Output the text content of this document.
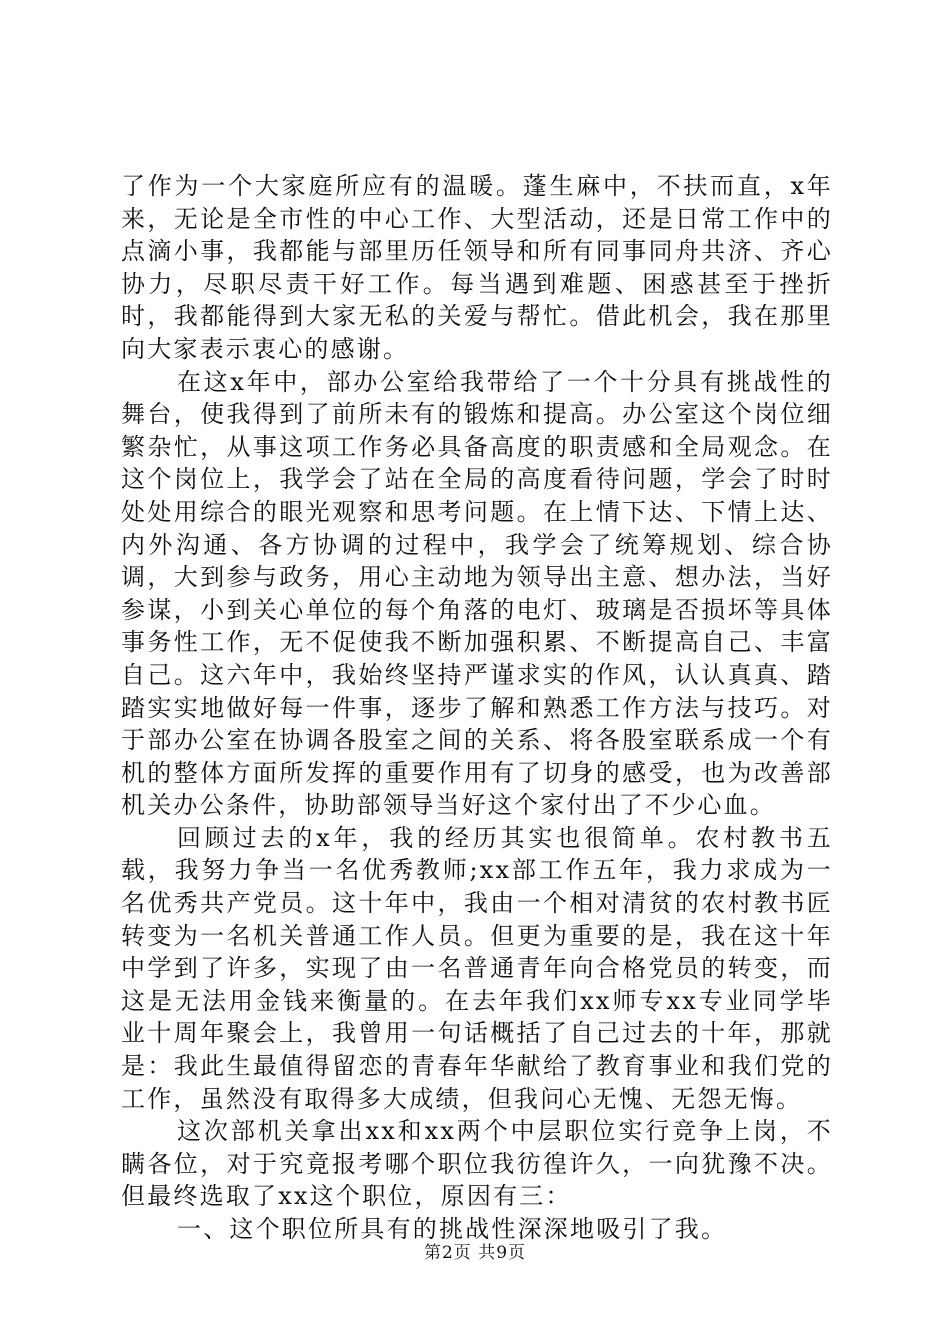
了作为一个大家庭所应有的温暖。蓬生麻中，不扶而直，x年来，无论是全市性的中心工作、大型活动，还是日常工作中的点滴小事，我都能与部里历任领导和所有同事同舟共济、齐心协力，尽职尽责干好工作。每当遇到难题、困惑甚至于挫折时，我都能得到大家无私的关爱与帮忙。借此机会，我在那里向大家表示衷心的感谢。

在这x年中，部办公室给我带给了一个十分具有挑战性的舞台，使我得到了前所未有的锻炼和提高。办公室这个岗位细繁杂忙，从事这项工作务必具备高度的职责感和全局观念。在这个岗位上，我学会了站在全局的高度看待问题，学会了时时处处用综合的眼光观察和思考问题。在上情下达、下情上达、内外沟通、各方协调的过程中，我学会了统筹规划、综合协调，大到参与政务，用心主动地为领导出主意、想办法，当好参谋，小到关心单位的每个角落的电灯、玻璃是否损坏等具体事务性工作，无不促使我不断加强积累、不断提高自己、丰富自己。这六年中，我始终坚持严谨求实的作风，认认真真、踏踏实实地做好每一件事，逐步了解和熟悉工作方法与技巧。对于部办公室在协调各股室之间的关系、将各股室联系成一个有机的整体方面所发挥的重要作用有了切身的感受，也为改善部机关办公条件，协助部领导当好这个家付出了不少心血。

回顾过去的x年，我的经历其实也很简单。农村教书五载，我努力争当一名优秀教师;xx部工作五年，我力求成为一名优秀共产党员。这十年中，我由一个相对清贫的农村教书匠转变为一名机关普通工作人员。但更为重要的是，我在这十年中学到了许多，实现了由一名普通青年向合格党员的转变，而这是无法用金钱来衡量的。在去年我们xx师专xx专业同学毕业十周年聚会上，我曾用一句话概括了自己过去的十年，那就是：我此生最值得留恋的青春年华献给了教育事业和我们党的工作，虽然没有取得多大成绩，但我问心无愧、无怨无悔。

这次部机关拿出xx和xx两个中层职位实行竞争上岗，不瞒各位，对于究竟报考哪个职位我彷徨许久，一向犹豫不决。但最终选取了xx这个职位，原因有三：

一、这个职位所具有的挑战性深深地吸引了我。

第2页 共9页
